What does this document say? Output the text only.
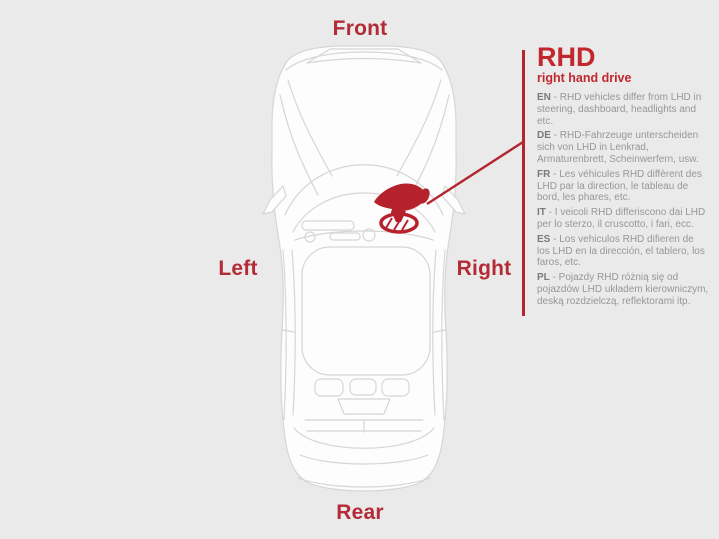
Front
Left	Right
Rear
RHD
right hand drive

EN - RHD vehicles differ from LHD in steering, dashboard, headlights and etc.

DE - RHD-Fahrzeuge unterscheiden sich von LHD in Lenkrad, Armaturenbrett, Scheinwerfern, usw.

FR - Les véhicules RHD diffèrent des LHD par la direction, le tableau de bord, les phares, etc.

IT - I veicoli RHD differiscono dai LHD per lo sterzo, il cruscotto, i fari, ecc.

ES - Los vehiculos RHD difieren de los LHD en la dirección, el tablero, los faros, etc.

PL - Pojazdy RHD różnią się od pojazdów LHD układem kierowniczym, deską rozdzielczą, reflektorami itp.
